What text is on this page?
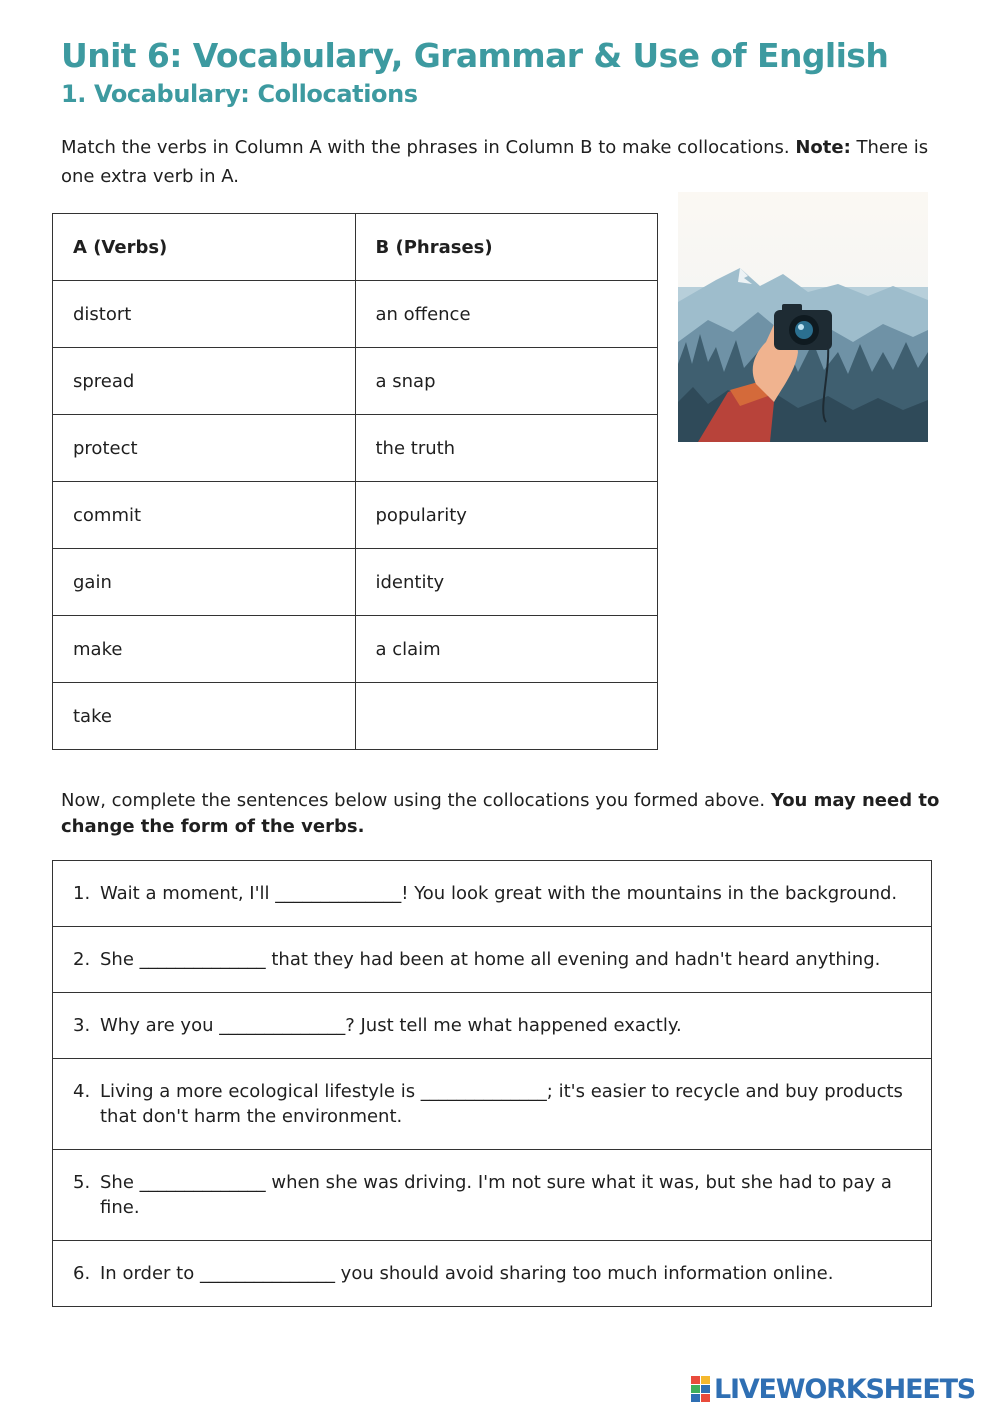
Unit 6: Vocabulary, Grammar & Use of English
1. Vocabulary: Collocations

Match the verbs in Column A with the phrases in Column B to make collocations. Note: There is one extra verb in A.

A (Verbs)	B (Phrases)
distort	an offence
spread	a snap
protect	the truth
commit	popularity
gain	identity
make	a claim
take	

Now, complete the sentences below using the collocations you formed above. You may need to change the form of the verbs.

1. Wait a moment, I'll ______________! You look great with the mountains in the background.

2. She ______________ that they had been at home all evening and hadn't heard anything.

3. Why are you ______________? Just tell me what happened exactly.

4. Living a more ecological lifestyle is ______________; it's easier to recycle and buy products that don't harm the environment.

5. She ______________ when she was driving. I'm not sure what it was, but she had to pay a fine.

6. In order to _______________ you should avoid sharing too much information online.
LIVEWORKSHEETS
